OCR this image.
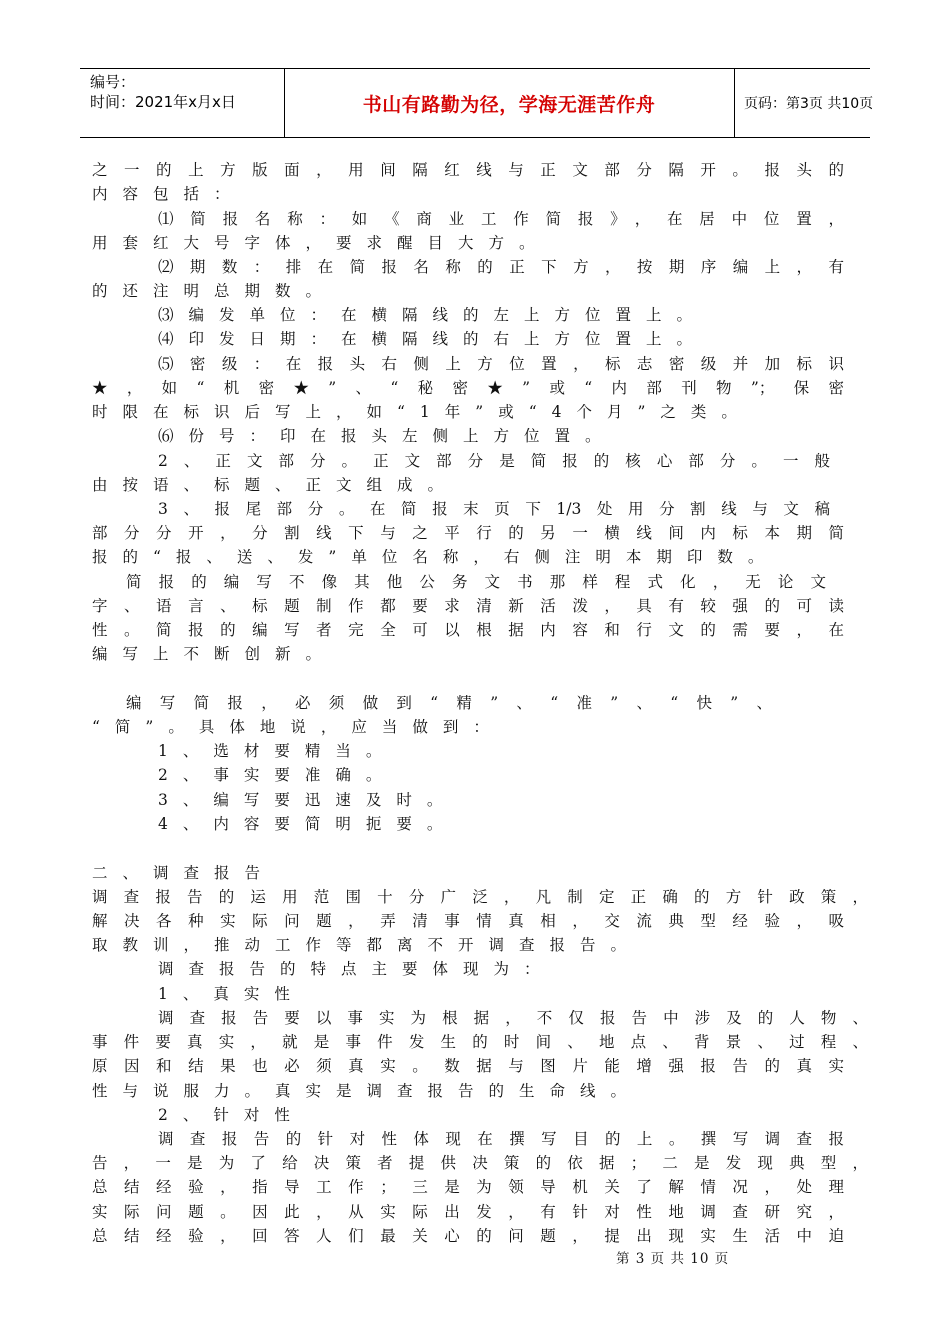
编号：
时间：2021年x月x日	书山有路勤为径，学海无涯苦作舟	页码：第3页 共10页
之一的上方版面，用间隔红线与正文部分隔开。报头的
内容包括：
⑴简报名称：如《商业工作简报》，在居中位置，
用套红大号字体，要求醒目大方。
⑵期数：排在简报名称的正下方，按期序编上，有
的还注明总期数。
⑶编发单位：在横隔线的左上方位置上。
⑷印发日期：在横隔线的右上方位置上。
⑸密级：在报头右侧上方位置，标志密级并加标识
★，如“机密★”、“秘密★”或“内部刊物”；保密
时限在标识后写上，如“1年”或“4个月”之类。
⑹份号：印在报头左侧上方位置。
2、正文部分。正文部分是简报的核心部分。一般
由按语、标题、正文组成。
3、报尾部分。在简报末页下1/3处用分割线与文稿
部分分开，分割线下与之平行的另一横线间内标本期简
报的“报、送、发”单位名称，右侧注明本期印数。
简报的编写不像其他公务文书那样程式化，无论文
字、语言、标题制作都要求清新活泼，具有较强的可读
性。简报的编写者完全可以根据内容和行文的需要，在
编写上不断创新。
编写简报，必须做到“精”、“准”、“快”、
“简”。具体地说，应当做到：
1、选材要精当。
2、事实要准确。
3、编写要迅速及时。
4、内容要简明扼要。
二、调查报告
调查报告的运用范围十分广泛，凡制定正确的方针政策，
解决各种实际问题，弄清事情真相，交流典型经验，吸
取教训，推动工作等都离不开调查报告。
调查报告的特点主要体现为：
1、真实性
调查报告要以事实为根据，不仅报告中涉及的人物、
事件要真实，就是事件发生的时间、地点、背景、过程、
原因和结果也必须真实。数据与图片能增强报告的真实
性与说服力。真实是调查报告的生命线。
2、针对性
调查报告的针对性体现在撰写目的上。撰写调查报
告，一是为了给决策者提供决策的依据；二是发现典型，
总结经验，指导工作；三是为领导机关了解情况，处理
实际问题。因此，从实际出发，有针对性地调查研究，
总结经验，回答人们最关心的问题，提出现实生活中迫
第 3 页 共 10 页
